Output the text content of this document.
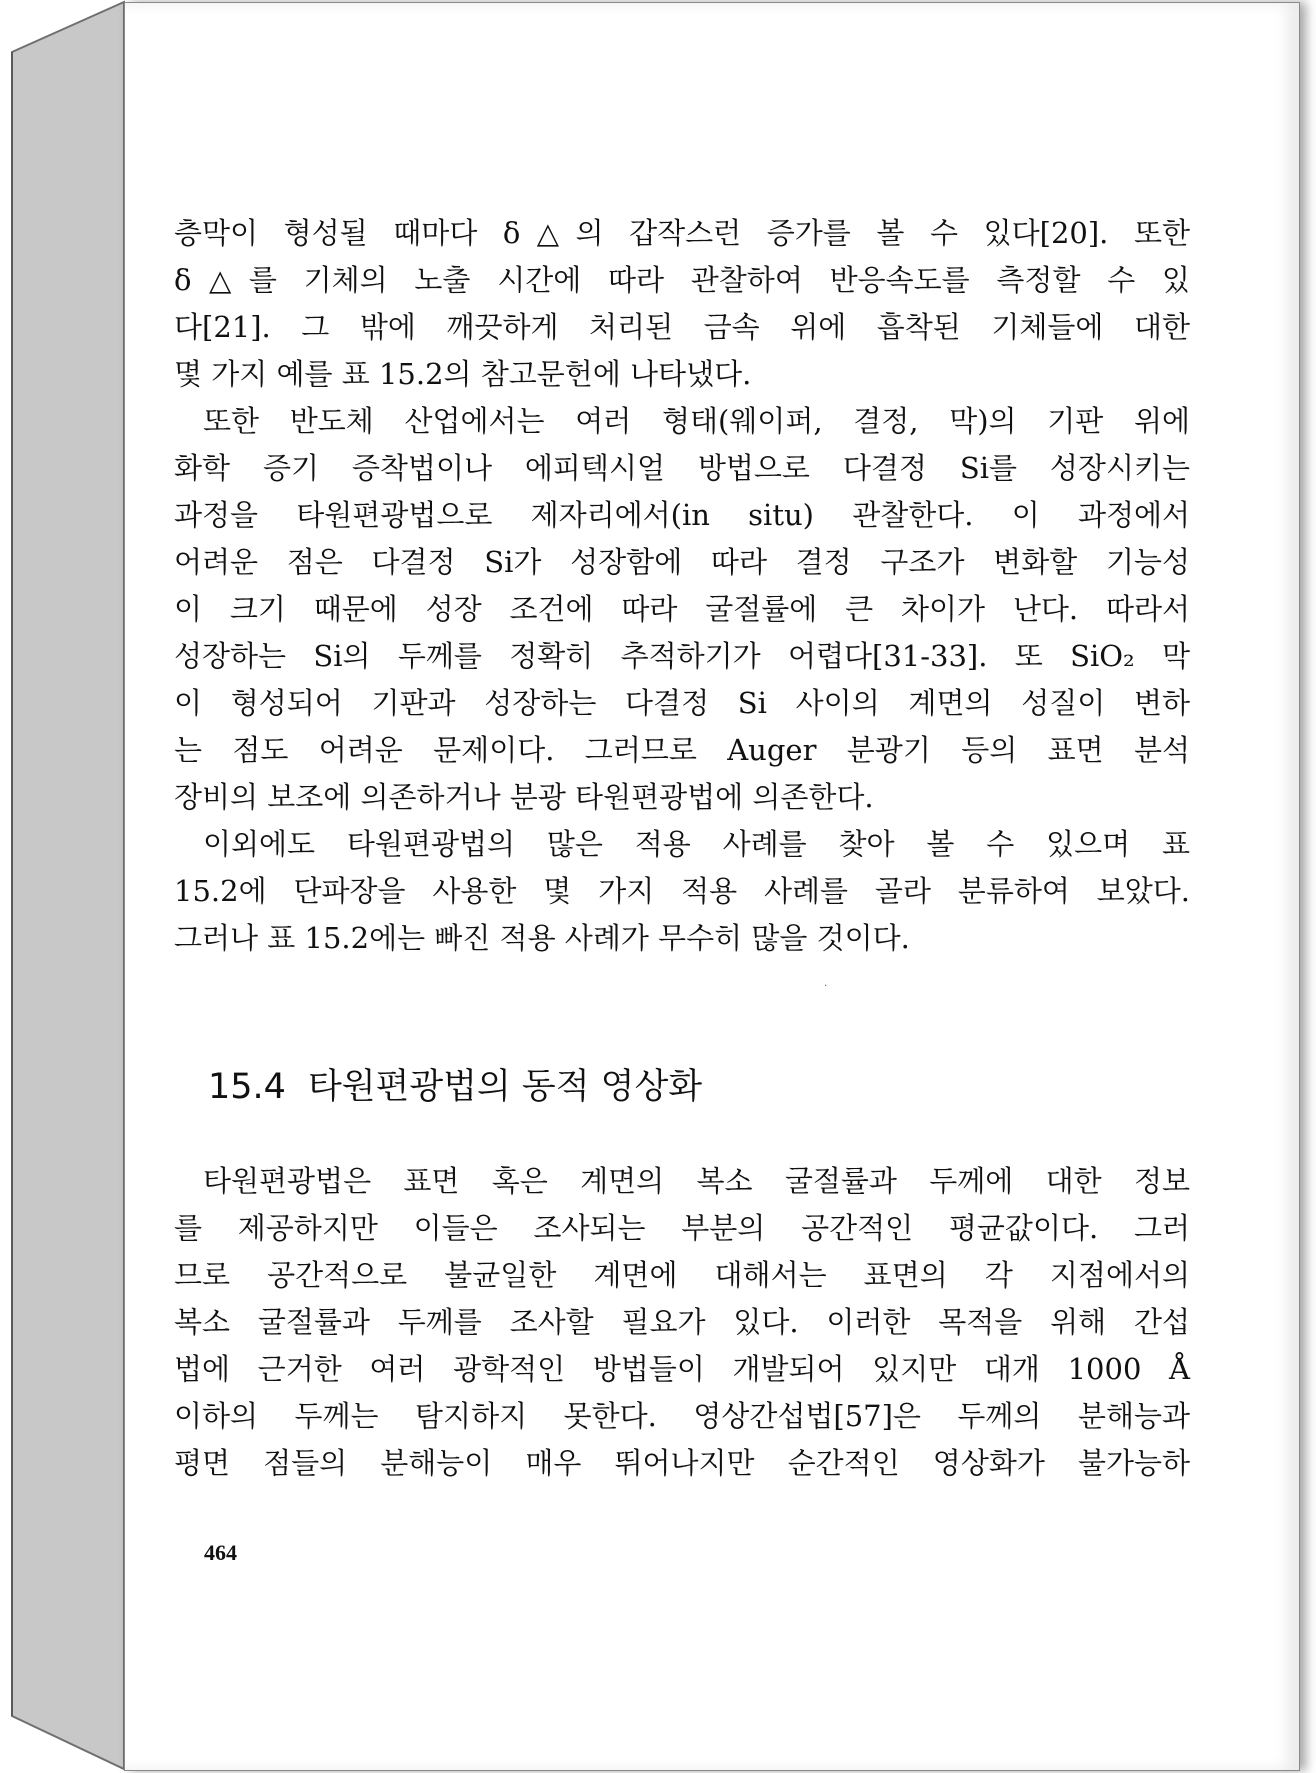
층막이 형성될 때마다 δ△의 갑작스런 증가를 볼 수 있다[20]. 또한
δ△를 기체의 노출 시간에 따라 관찰하여 반응속도를 측정할 수 있
다[21]. 그 밖에 깨끗하게 처리된 금속 위에 흡착된 기체들에 대한
몇 가지 예를 표 15.2의 참고문헌에 나타냈다.
또한 반도체 산업에서는 여러 형태(웨이퍼, 결정, 막)의 기판 위에
화학 증기 증착법이나 에피텍시얼 방법으로 다결정 Si를 성장시키는
과정을 타원편광법으로 제자리에서(in situ) 관찰한다. 이 과정에서
어려운 점은 다결정 Si가 성장함에 따라 결정 구조가 변화할 기능성
이 크기 때문에 성장 조건에 따라 굴절률에 큰 차이가 난다. 따라서
성장하는 Si의 두께를 정확히 추적하기가 어렵다[31-33]. 또 SiO₂ 막
이 형성되어 기판과 성장하는 다결정 Si 사이의 계면의 성질이 변하
는 점도 어려운 문제이다. 그러므로 Auger 분광기 등의 표면 분석
장비의 보조에 의존하거나 분광 타원편광법에 의존한다.
이외에도 타원편광법의 많은 적용 사례를 찾아 볼 수 있으며 표
15.2에 단파장을 사용한 몇 가지 적용 사례를 골라 분류하여 보았다.
그러나 표 15.2에는 빠진 적용 사례가 무수히 많을 것이다.
.
15.4 타원편광법의 동적 영상화
타원편광법은 표면 혹은 계면의 복소 굴절률과 두께에 대한 정보
를 제공하지만 이들은 조사되는 부분의 공간적인 평균값이다. 그러
므로 공간적으로 불균일한 계면에 대해서는 표면의 각 지점에서의
복소 굴절률과 두께를 조사할 필요가 있다. 이러한 목적을 위해 간섭
법에 근거한 여러 광학적인 방법들이 개발되어 있지만 대개 1000 Å
이하의 두께는 탐지하지 못한다. 영상간섭법[57]은 두께의 분해능과
평면 점들의 분해능이 매우 뛰어나지만 순간적인 영상화가 불가능하
464
